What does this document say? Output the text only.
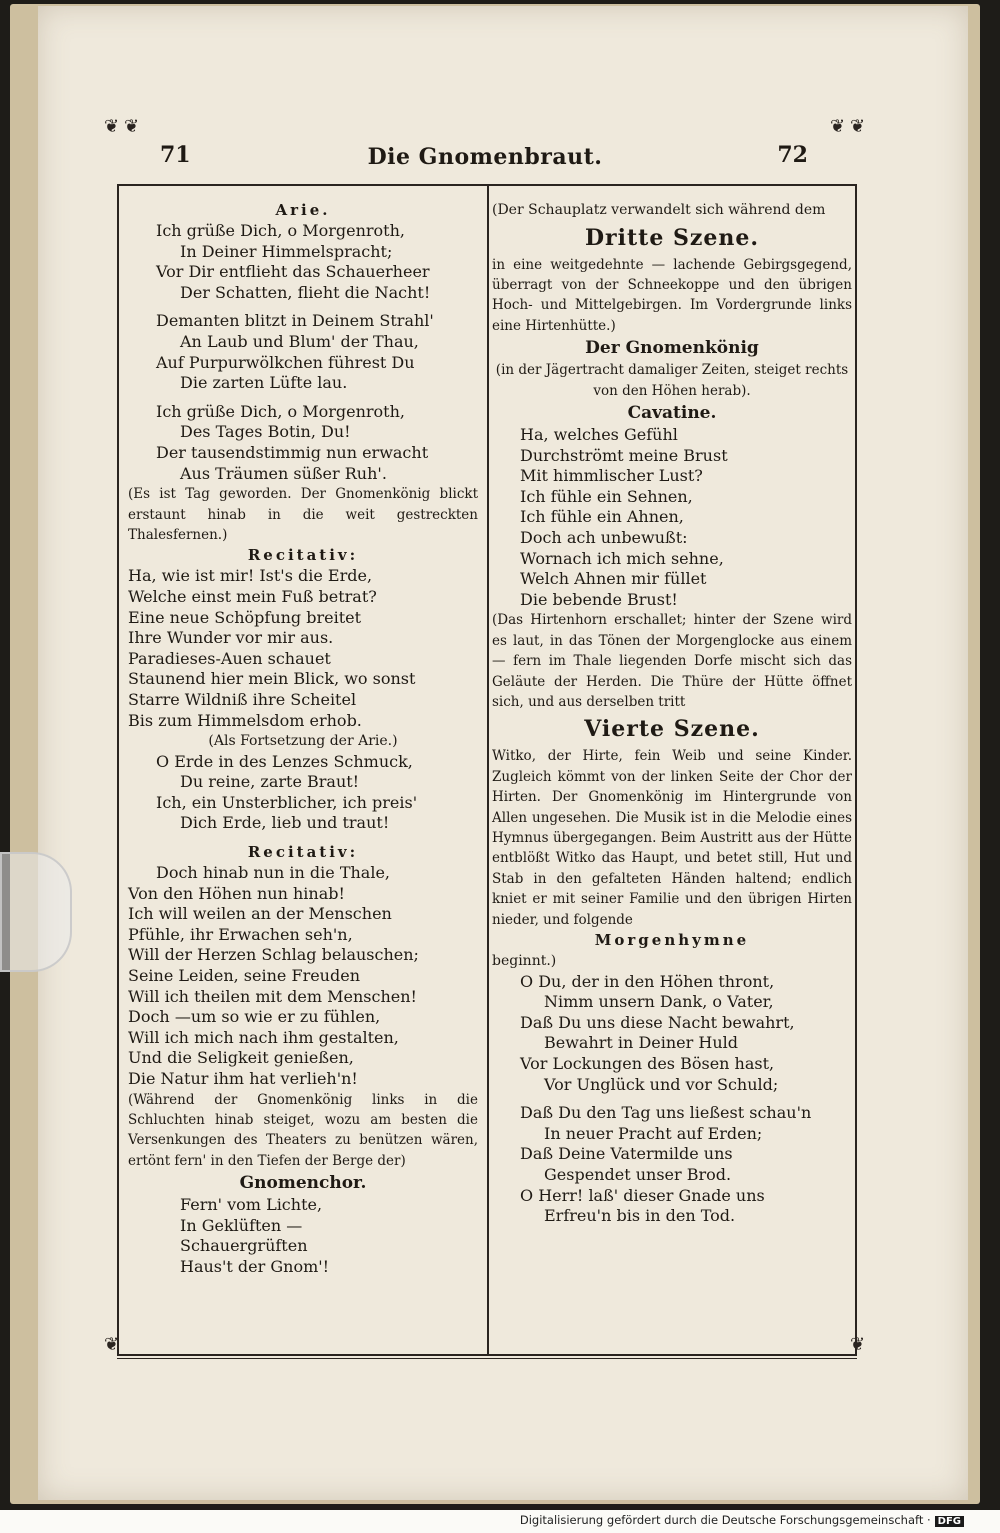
❦ ❦	❦
❦
❦	❦
71	Die Gnomenbraut.	72
Arie.
Ich grüße Dich, o Morgenroth,
In Deiner Himmelspracht;
Vor Dir entflieht das Schauerheer
Der Schatten, flieht die Nacht!
Demanten blitzt in Deinem Strahl'
An Laub und Blum' der Thau,
Auf Purpurwölkchen führest Du
Die zarten Lüfte lau.
Ich grüße Dich, o Morgenroth,
Des Tages Botin, Du!
Der tausendstimmig nun erwacht
Aus Träumen süßer Ruh'.
(Es ist Tag geworden. Der Gnomenkönig blickt erstaunt hinab in die weit gestreckten Thalesfernen.)
Recitativ:
Ha, wie ist mir! Ist's die Erde,
Welche einst mein Fuß betrat?
Eine neue Schöpfung breitet
Ihre Wunder vor mir aus.
Paradieses-Auen schauet
Staunend hier mein Blick, wo sonst
Starre Wildniß ihre Scheitel
Bis zum Himmelsdom erhob.
(Als Fortsetzung der Arie.)
O Erde in des Lenzes Schmuck,
Du reine, zarte Braut!
Ich, ein Unsterblicher, ich preis'
Dich Erde, lieb und traut!
Recitativ:
Doch hinab nun in die Thale,
Von den Höhen nun hinab!
Ich will weilen an der Menschen
Pfühle, ihr Erwachen seh'n,
Will der Herzen Schlag belauschen;
Seine Leiden, seine Freuden
Will ich theilen mit dem Menschen!
Doch —um so wie er zu fühlen,
Will ich mich nach ihm gestalten,
Und die Seligkeit genießen,
Die Natur ihm hat verlieh'n!
(Während der Gnomenkönig links in die Schluchten hinab steiget, wozu am besten die Versenkungen des Theaters zu benützen wären, ertönt fern' in den Tiefen der Berge der)
Gnomenchor.
Fern' vom Lichte,
In Geklüften —
Schauergrüften
Haus't der Gnom'!
(Der Schauplatz verwandelt sich während dem
Dritte Szene.
in eine weitgedehnte — lachende Gebirgsgegend, überragt von der Schneekoppe und den übrigen Hoch- und Mittelgebirgen. Im Vordergrunde links eine Hirtenhütte.)
Der Gnomenkönig
(in der Jägertracht damaliger Zeiten, steiget rechts von den Höhen herab).
Cavatine.
Ha, welches Gefühl
Durchströmt meine Brust
Mit himmlischer Lust?
Ich fühle ein Sehnen,
Ich fühle ein Ahnen,
Doch ach unbewußt:
Wornach ich mich sehne,
Welch Ahnen mir füllet
Die bebende Brust!
(Das Hirtenhorn erschallet; hinter der Szene wird es laut, in das Tönen der Morgenglocke aus einem — fern im Thale liegenden Dorfe mischt sich das Geläute der Herden. Die Thüre der Hütte öffnet sich, und aus derselben tritt
Vierte Szene.
Witko, der Hirte, fein Weib und seine Kinder. Zugleich kömmt von der linken Seite der Chor der Hirten. Der Gnomenkönig im Hintergrunde von Allen ungesehen. Die Musik ist in die Melodie eines Hymnus übergegangen. Beim Austritt aus der Hütte entblößt Witko das Haupt, und betet still, Hut und Stab in den gefalteten Händen haltend; endlich kniet er mit seiner Familie und den übrigen Hirten nieder, und folgende
Morgenhymne
beginnt.)
O Du, der in den Höhen thront,
Nimm unsern Dank, o Vater,
Daß Du uns diese Nacht bewahrt,
Bewahrt in Deiner Huld
Vor Lockungen des Bösen hast,
Vor Unglück und vor Schuld;
Daß Du den Tag uns ließest schau'n
In neuer Pracht auf Erden;
Daß Deine Vatermilde uns
Gespendet unser Brod.
O Herr! laß' dieser Gnade uns
Erfreu'n bis in den Tod.
Digitalisierung gefördert durch die Deutsche Forschungsgemeinschaft · DFG
